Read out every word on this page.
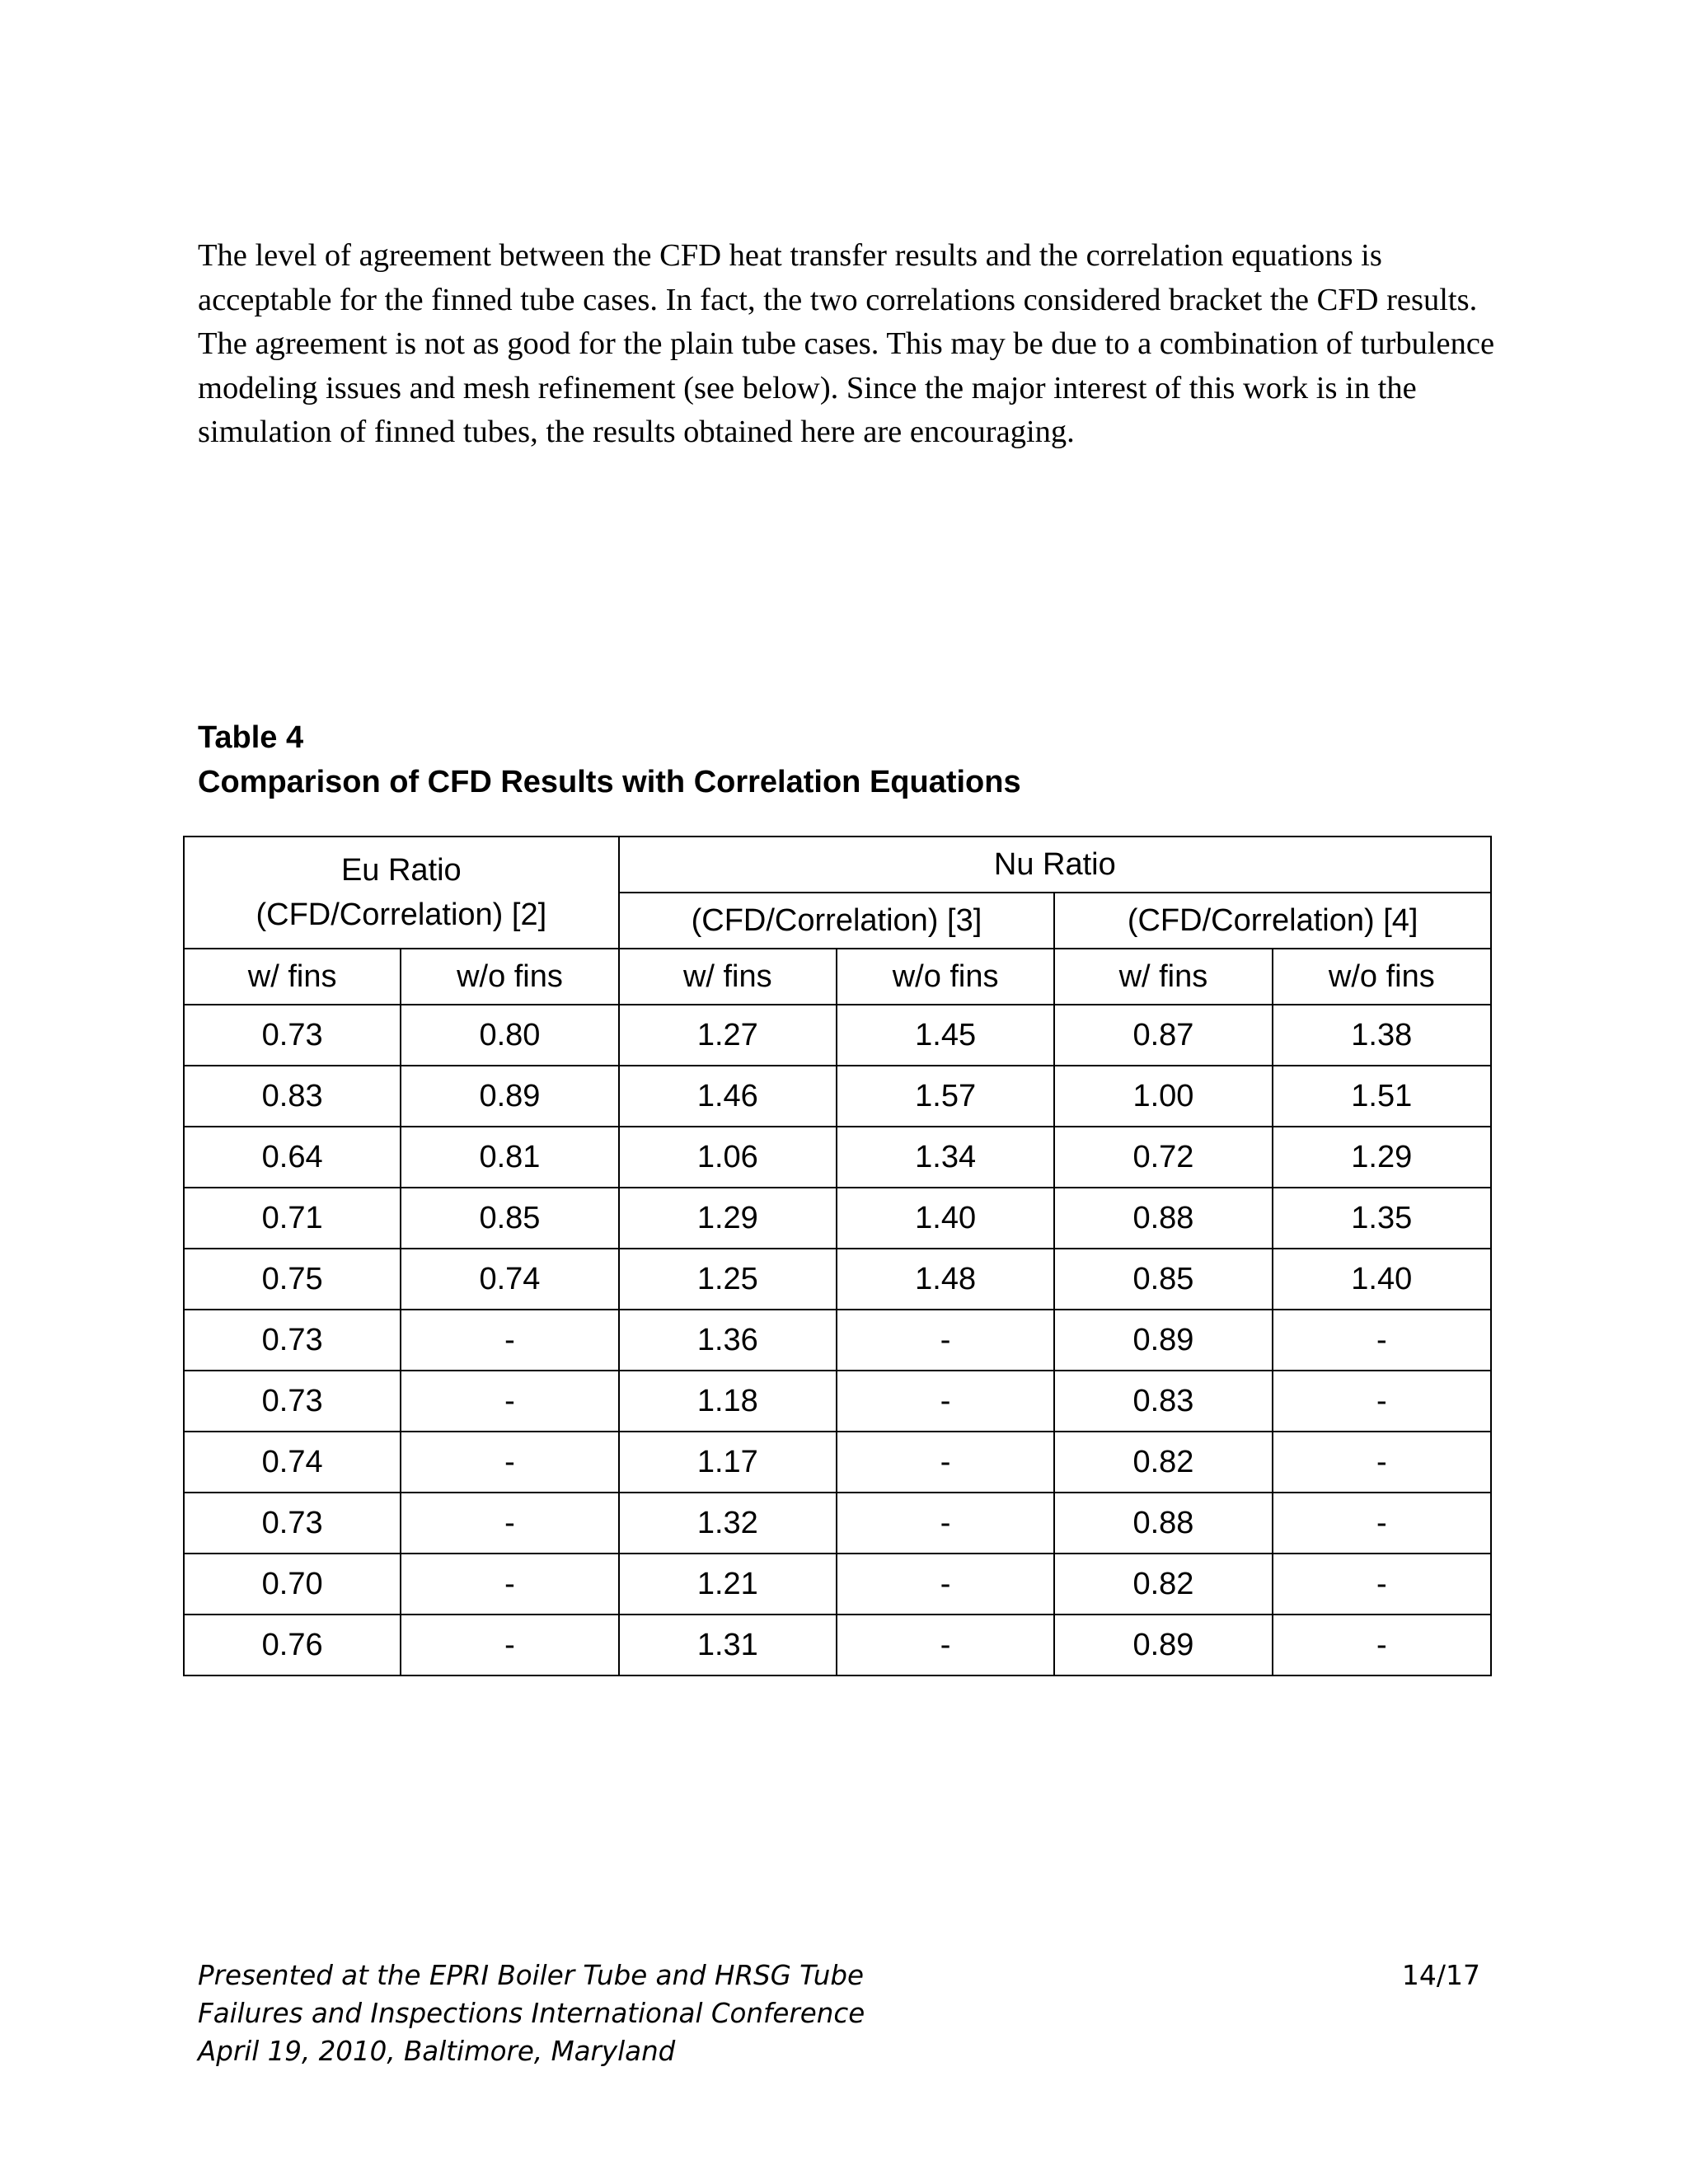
The level of agreement between the CFD heat transfer results and the correlation equations is acceptable for the finned tube cases. In fact, the two correlations considered bracket the CFD results. The agreement is not as good for the plain tube cases. This may be due to a combination of turbulence modeling issues and mesh refinement (see below). Since the major interest of this work is in the simulation of finned tubes, the results obtained here are encouraging.

Table 4
Comparison of CFD Results with Correlation Equations
Eu Ratio
(CFD/Correlation) [2]		Nu Ratio			
		(CFD/Correlation) [3]		(CFD/Correlation) [4]	
w/ fins	w/o fins	w/ fins	w/o fins	w/ fins	w/o fins
0.73	0.80	1.27	1.45	0.87	1.38
0.83	0.89	1.46	1.57	1.00	1.51
0.64	0.81	1.06	1.34	0.72	1.29
0.71	0.85	1.29	1.40	0.88	1.35
0.75	0.74	1.25	1.48	0.85	1.40
0.73	-	1.36	-	0.89	-
0.73	-	1.18	-	0.83	-
0.74	-	1.17	-	0.82	-
0.73	-	1.32	-	0.88	-
0.70	-	1.21	-	0.82	-
0.76	-	1.31	-	0.89	-
Presented at the EPRI Boiler Tube and HRSG Tube
Failures and Inspections International Conference
April 19, 2010, Baltimore, Maryland
14/17
